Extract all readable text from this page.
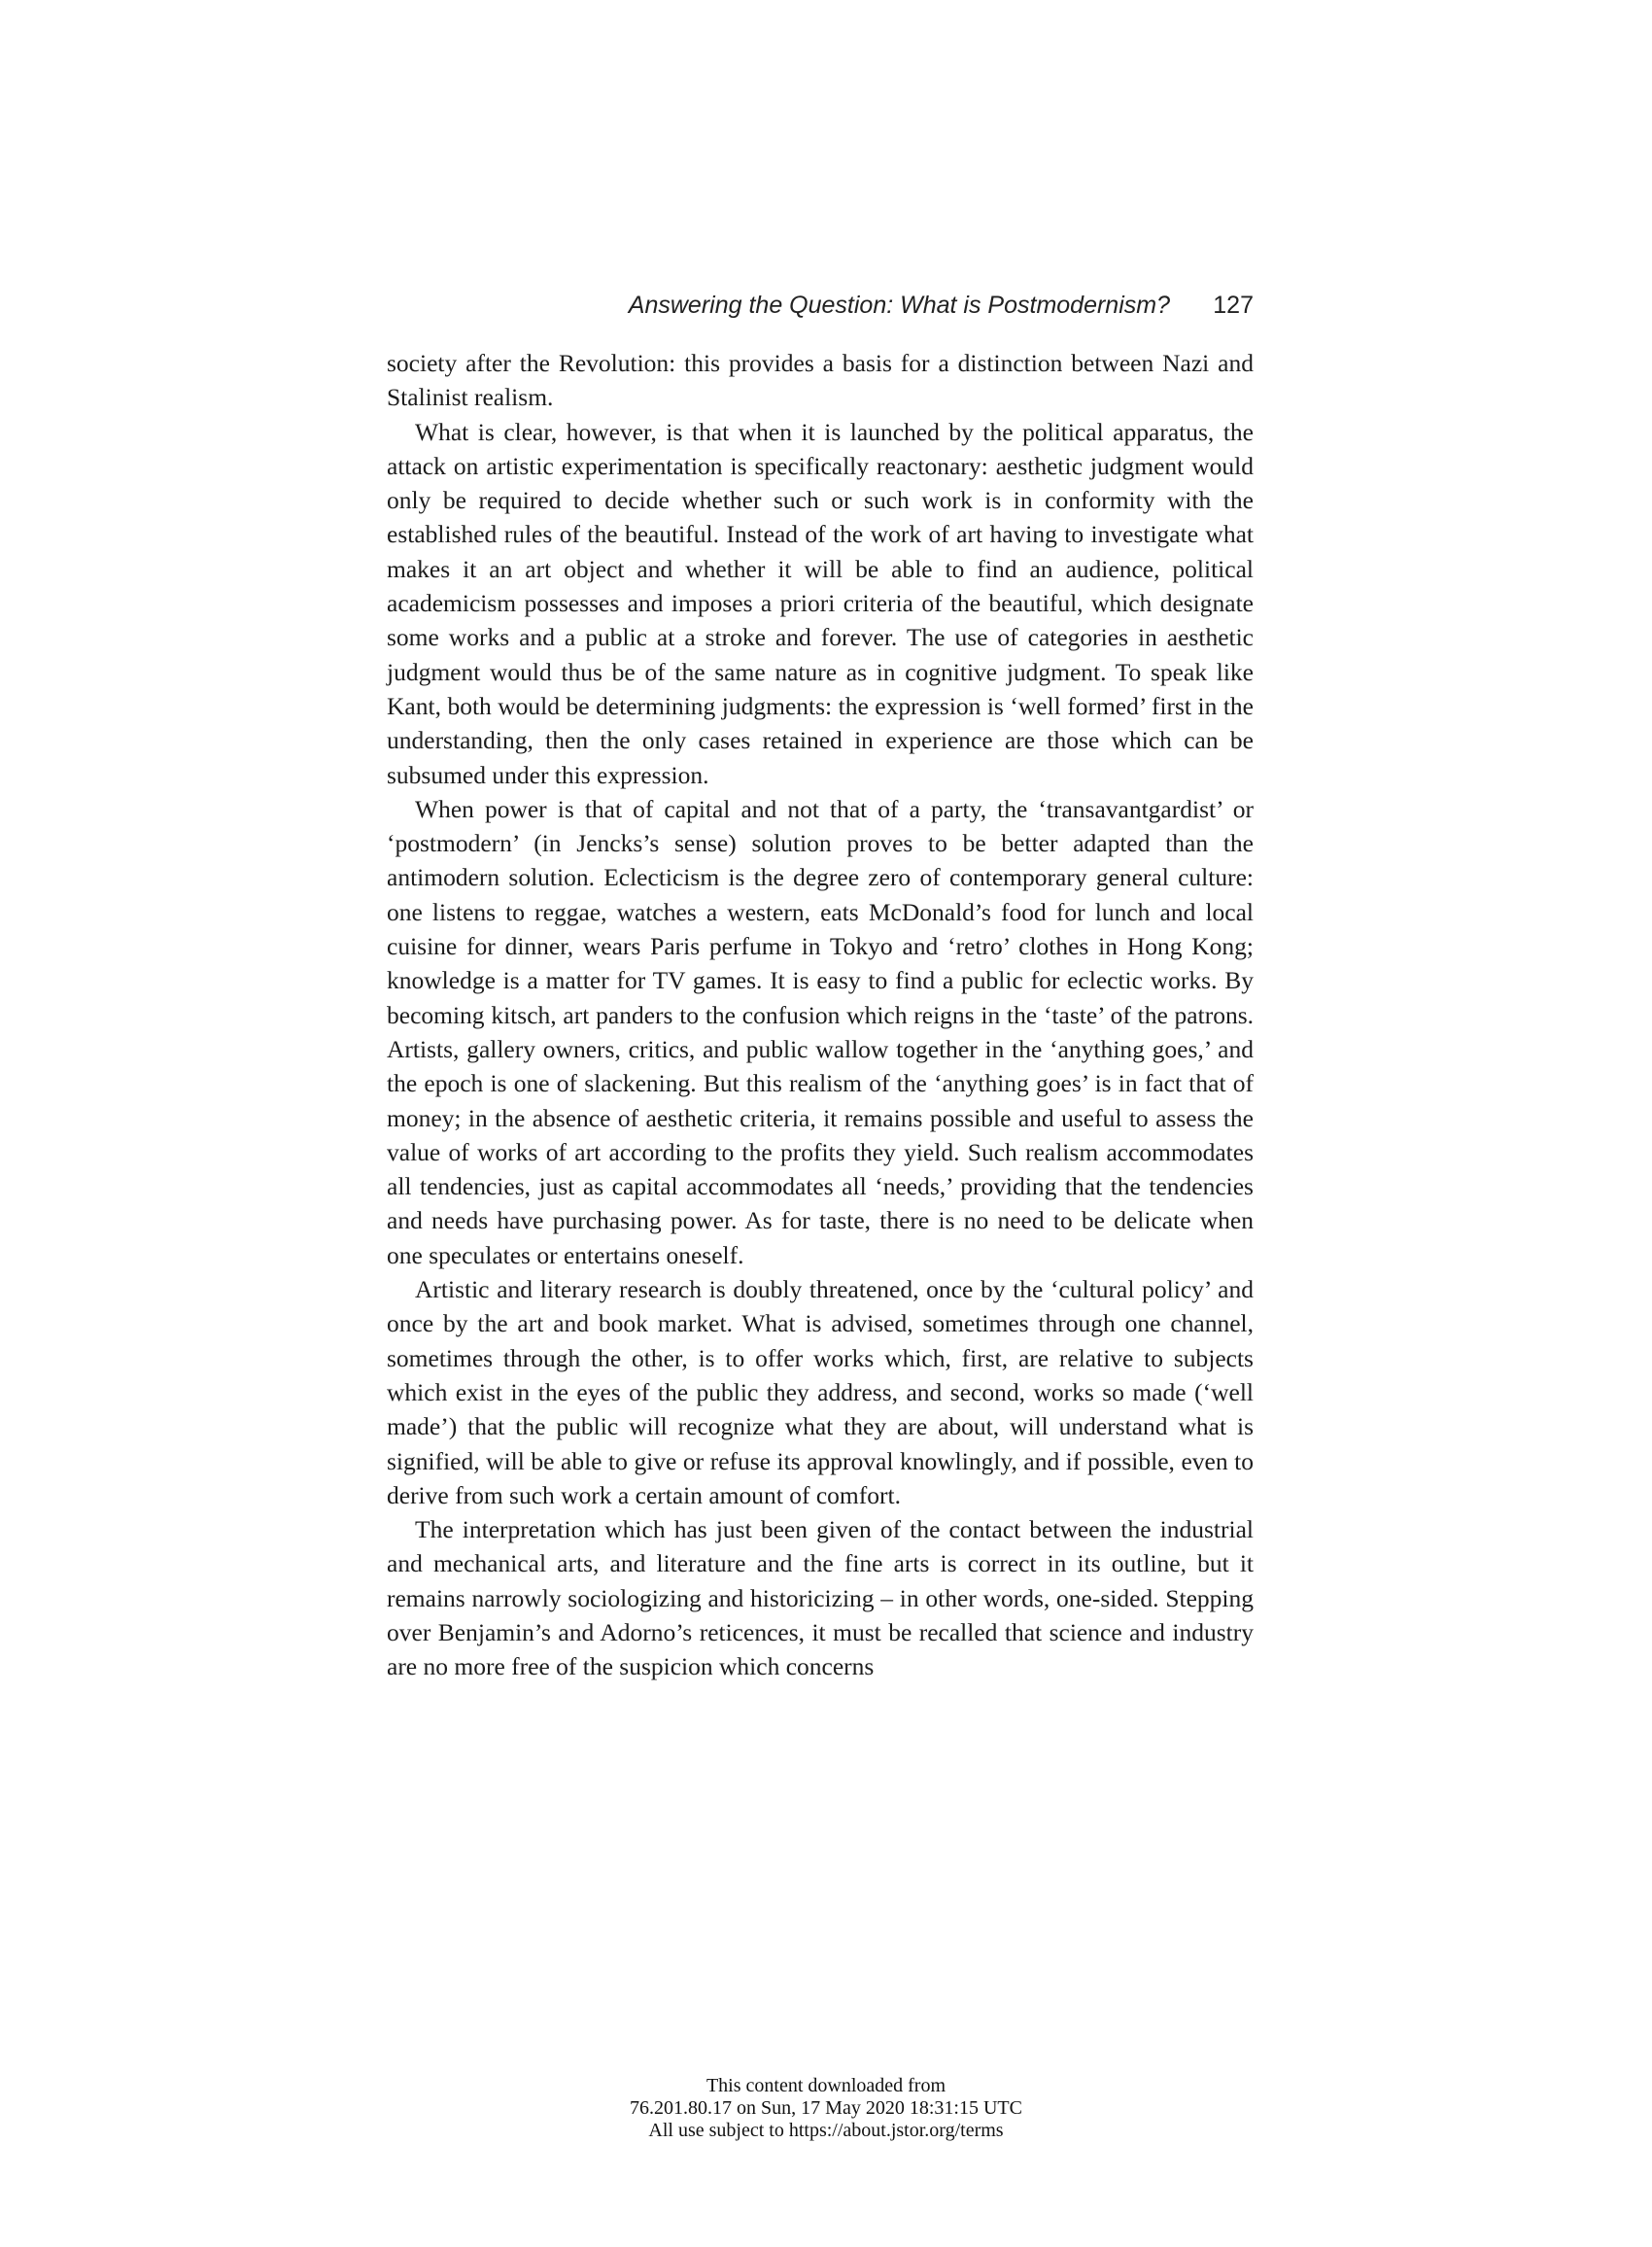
Answering the Question: What is Postmodernism? 127

society after the Revolution: this provides a basis for a distinction between Nazi and Stalinist realism.

What is clear, however, is that when it is launched by the political apparatus, the attack on artistic experimentation is specifically reactonary: aesthetic judgment would only be required to decide whether such or such work is in conformity with the established rules of the beautiful. Instead of the work of art having to investigate what makes it an art object and whether it will be able to find an audience, political academicism possesses and imposes a priori criteria of the beautiful, which designate some works and a public at a stroke and forever. The use of categories in aesthetic judgment would thus be of the same nature as in cognitive judgment. To speak like Kant, both would be determining judgments: the expression is ‘well formed’ first in the understanding, then the only cases retained in experience are those which can be subsumed under this expression.

When power is that of capital and not that of a party, the ‘transavantgardist’ or ‘postmodern’ (in Jencks’s sense) solution proves to be better adapted than the antimodern solution. Eclecticism is the degree zero of contemporary general culture: one listens to reggae, watches a western, eats McDonald’s food for lunch and local cuisine for dinner, wears Paris perfume in Tokyo and ‘retro’ clothes in Hong Kong; knowledge is a matter for TV games. It is easy to find a public for eclectic works. By becoming kitsch, art panders to the confusion which reigns in the ‘taste’ of the patrons. Artists, gallery owners, critics, and public wallow together in the ‘anything goes,’ and the epoch is one of slackening. But this realism of the ‘anything goes’ is in fact that of money; in the absence of aesthetic criteria, it remains possible and useful to assess the value of works of art according to the profits they yield. Such realism accommodates all tendencies, just as capital accommodates all ‘needs,’ providing that the tendencies and needs have purchasing power. As for taste, there is no need to be delicate when one speculates or entertains oneself.

Artistic and literary research is doubly threatened, once by the ‘cultural policy’ and once by the art and book market. What is advised, sometimes through one channel, sometimes through the other, is to offer works which, first, are relative to subjects which exist in the eyes of the public they address, and second, works so made (‘well made’) that the public will recognize what they are about, will understand what is signified, will be able to give or refuse its approval knowlingly, and if possible, even to derive from such work a certain amount of comfort.

The interpretation which has just been given of the contact between the industrial and mechanical arts, and literature and the fine arts is correct in its outline, but it remains narrowly sociologizing and historicizing – in other words, one-sided. Stepping over Benjamin’s and Adorno’s reticences, it must be recalled that science and industry are no more free of the suspicion which concerns

This content downloaded from
76.201.80.17 on Sun, 17 May 2020 18:31:15 UTC
All use subject to https://about.jstor.org/terms
